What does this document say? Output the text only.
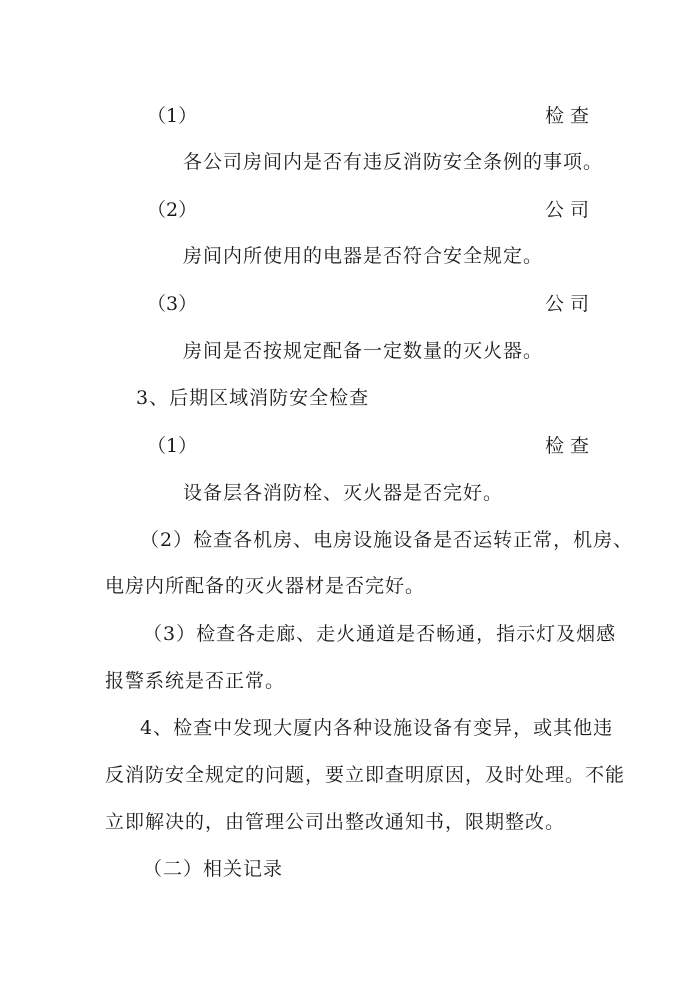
（1）	检查
各公司房间内是否有违反消防安全条例的事项。
（2）	公司
房间内所使用的电器是否符合安全规定。
（3）	公司
房间是否按规定配备一定数量的灭火器。
3、后期区域消防安全检查
（1）	检查
设备层各消防栓、灭火器是否完好。
（2）检查各机房、电房设施设备是否运转正常，机房、
电房内所配备的灭火器材是否完好。
（3）检查各走廊、走火通道是否畅通，指示灯及烟感
报警系统是否正常。
4、检查中发现大厦内各种设施设备有变异，或其他违
反消防安全规定的问题，要立即查明原因，及时处理。不能
立即解决的，由管理公司出整改通知书，限期整改。
（二）相关记录
